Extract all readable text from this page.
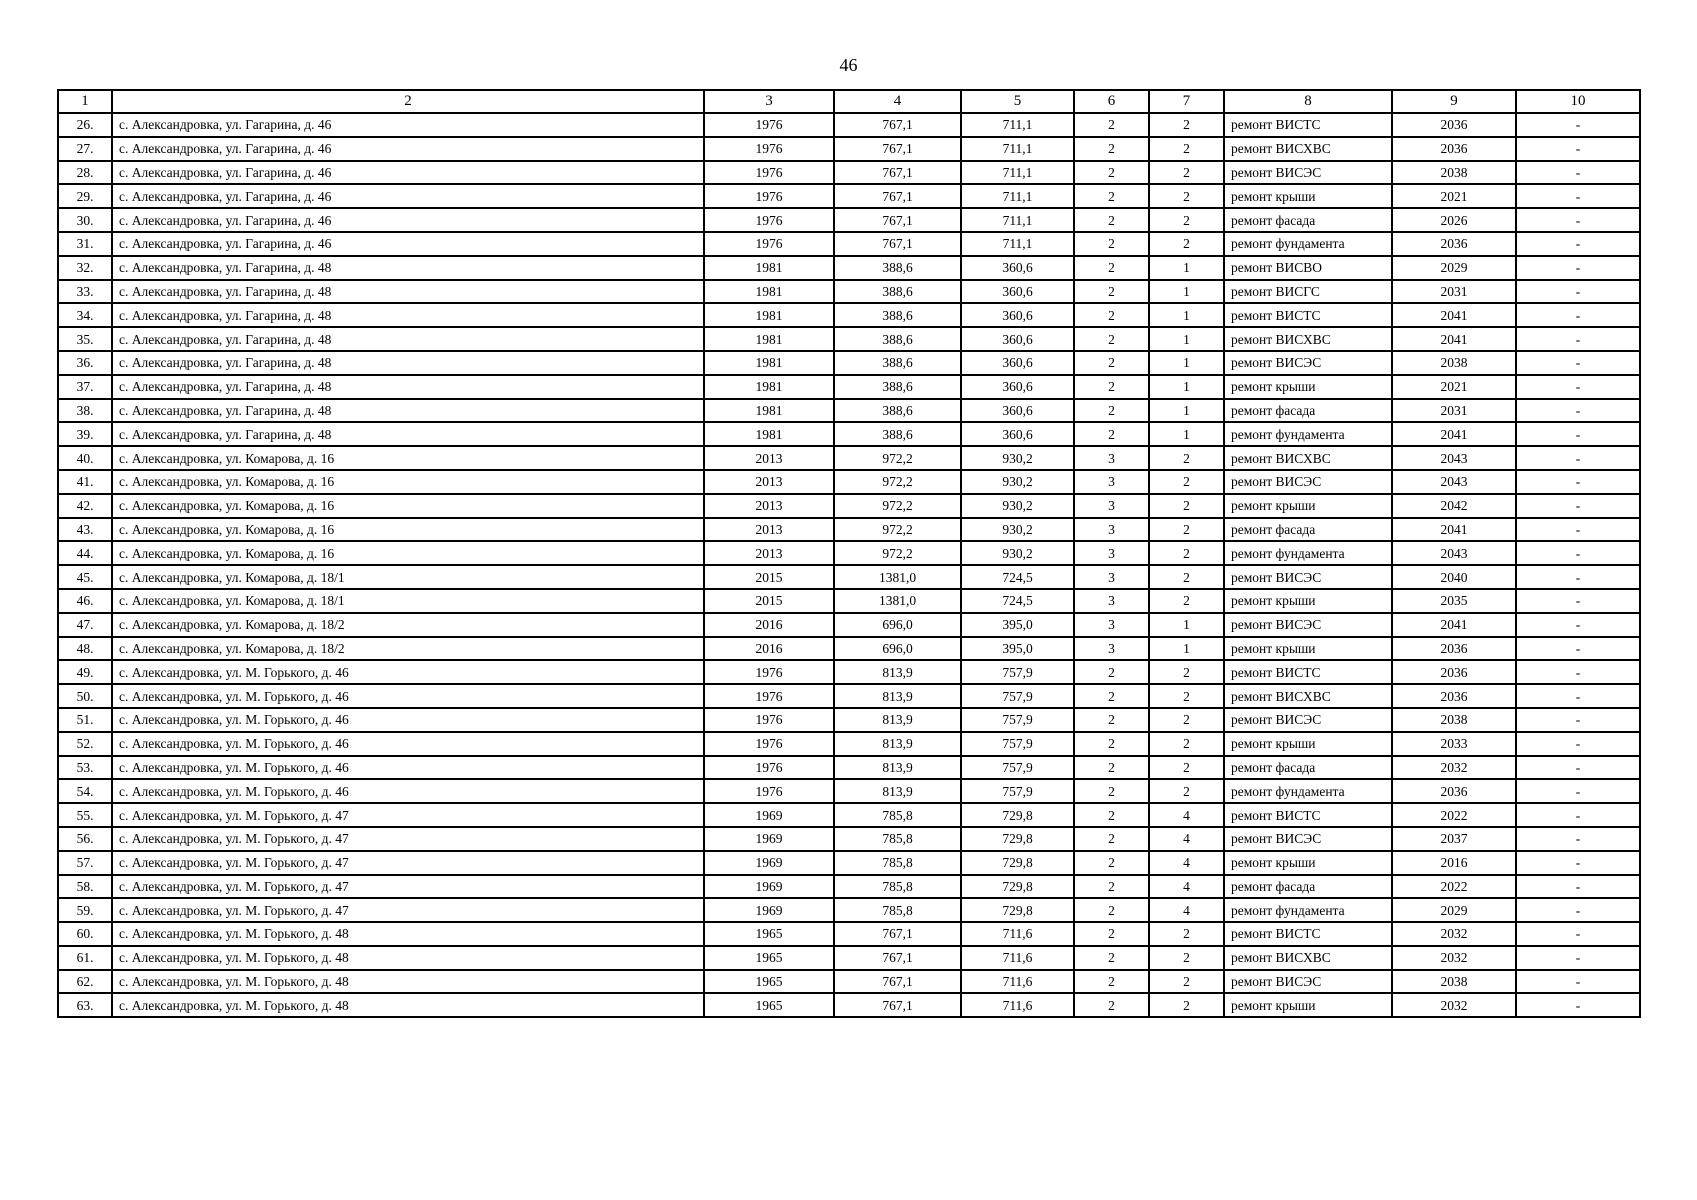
46
1	2	3	4	5	6	7	8	9	10
26.	с. Александровка, ул. Гагарина, д. 46	1976	767,1	711,1	2	2	ремонт ВИСТС	2036	-
27.	с. Александровка, ул. Гагарина, д. 46	1976	767,1	711,1	2	2	ремонт ВИСХВС	2036	-
28.	с. Александровка, ул. Гагарина, д. 46	1976	767,1	711,1	2	2	ремонт ВИСЭС	2038	-
29.	с. Александровка, ул. Гагарина, д. 46	1976	767,1	711,1	2	2	ремонт крыши	2021	-
30.	с. Александровка, ул. Гагарина, д. 46	1976	767,1	711,1	2	2	ремонт фасада	2026	-
31.	с. Александровка, ул. Гагарина, д. 46	1976	767,1	711,1	2	2	ремонт фундамента	2036	-
32.	с. Александровка, ул. Гагарина, д. 48	1981	388,6	360,6	2	1	ремонт ВИСВО	2029	-
33.	с. Александровка, ул. Гагарина, д. 48	1981	388,6	360,6	2	1	ремонт ВИСГС	2031	-
34.	с. Александровка, ул. Гагарина, д. 48	1981	388,6	360,6	2	1	ремонт ВИСТС	2041	-
35.	с. Александровка, ул. Гагарина, д. 48	1981	388,6	360,6	2	1	ремонт ВИСХВС	2041	-
36.	с. Александровка, ул. Гагарина, д. 48	1981	388,6	360,6	2	1	ремонт ВИСЭС	2038	-
37.	с. Александровка, ул. Гагарина, д. 48	1981	388,6	360,6	2	1	ремонт крыши	2021	-
38.	с. Александровка, ул. Гагарина, д. 48	1981	388,6	360,6	2	1	ремонт фасада	2031	-
39.	с. Александровка, ул. Гагарина, д. 48	1981	388,6	360,6	2	1	ремонт фундамента	2041	-
40.	с. Александровка, ул. Комарова, д. 16	2013	972,2	930,2	3	2	ремонт ВИСХВС	2043	-
41.	с. Александровка, ул. Комарова, д. 16	2013	972,2	930,2	3	2	ремонт ВИСЭС	2043	-
42.	с. Александровка, ул. Комарова, д. 16	2013	972,2	930,2	3	2	ремонт крыши	2042	-
43.	с. Александровка, ул. Комарова, д. 16	2013	972,2	930,2	3	2	ремонт фасада	2041	-
44.	с. Александровка, ул. Комарова, д. 16	2013	972,2	930,2	3	2	ремонт фундамента	2043	-
45.	с. Александровка, ул. Комарова, д. 18/1	2015	1381,0	724,5	3	2	ремонт ВИСЭС	2040	-
46.	с. Александровка, ул. Комарова, д. 18/1	2015	1381,0	724,5	3	2	ремонт крыши	2035	-
47.	с. Александровка, ул. Комарова, д. 18/2	2016	696,0	395,0	3	1	ремонт ВИСЭС	2041	-
48.	с. Александровка, ул. Комарова, д. 18/2	2016	696,0	395,0	3	1	ремонт крыши	2036	-
49.	с. Александровка, ул. М. Горького, д. 46	1976	813,9	757,9	2	2	ремонт ВИСТС	2036	-
50.	с. Александровка, ул. М. Горького, д. 46	1976	813,9	757,9	2	2	ремонт ВИСХВС	2036	-
51.	с. Александровка, ул. М. Горького, д. 46	1976	813,9	757,9	2	2	ремонт ВИСЭС	2038	-
52.	с. Александровка, ул. М. Горького, д. 46	1976	813,9	757,9	2	2	ремонт крыши	2033	-
53.	с. Александровка, ул. М. Горького, д. 46	1976	813,9	757,9	2	2	ремонт фасада	2032	-
54.	с. Александровка, ул. М. Горького, д. 46	1976	813,9	757,9	2	2	ремонт фундамента	2036	-
55.	с. Александровка, ул. М. Горького, д. 47	1969	785,8	729,8	2	4	ремонт ВИСТС	2022	-
56.	с. Александровка, ул. М. Горького, д. 47	1969	785,8	729,8	2	4	ремонт ВИСЭС	2037	-
57.	с. Александровка, ул. М. Горького, д. 47	1969	785,8	729,8	2	4	ремонт крыши	2016	-
58.	с. Александровка, ул. М. Горького, д. 47	1969	785,8	729,8	2	4	ремонт фасада	2022	-
59.	с. Александровка, ул. М. Горького, д. 47	1969	785,8	729,8	2	4	ремонт фундамента	2029	-
60.	с. Александровка, ул. М. Горького, д. 48	1965	767,1	711,6	2	2	ремонт ВИСТС	2032	-
61.	с. Александровка, ул. М. Горького, д. 48	1965	767,1	711,6	2	2	ремонт ВИСХВС	2032	-
62.	с. Александровка, ул. М. Горького, д. 48	1965	767,1	711,6	2	2	ремонт ВИСЭС	2038	-
63.	с. Александровка, ул. М. Горького, д. 48	1965	767,1	711,6	2	2	ремонт крыши	2032	-
